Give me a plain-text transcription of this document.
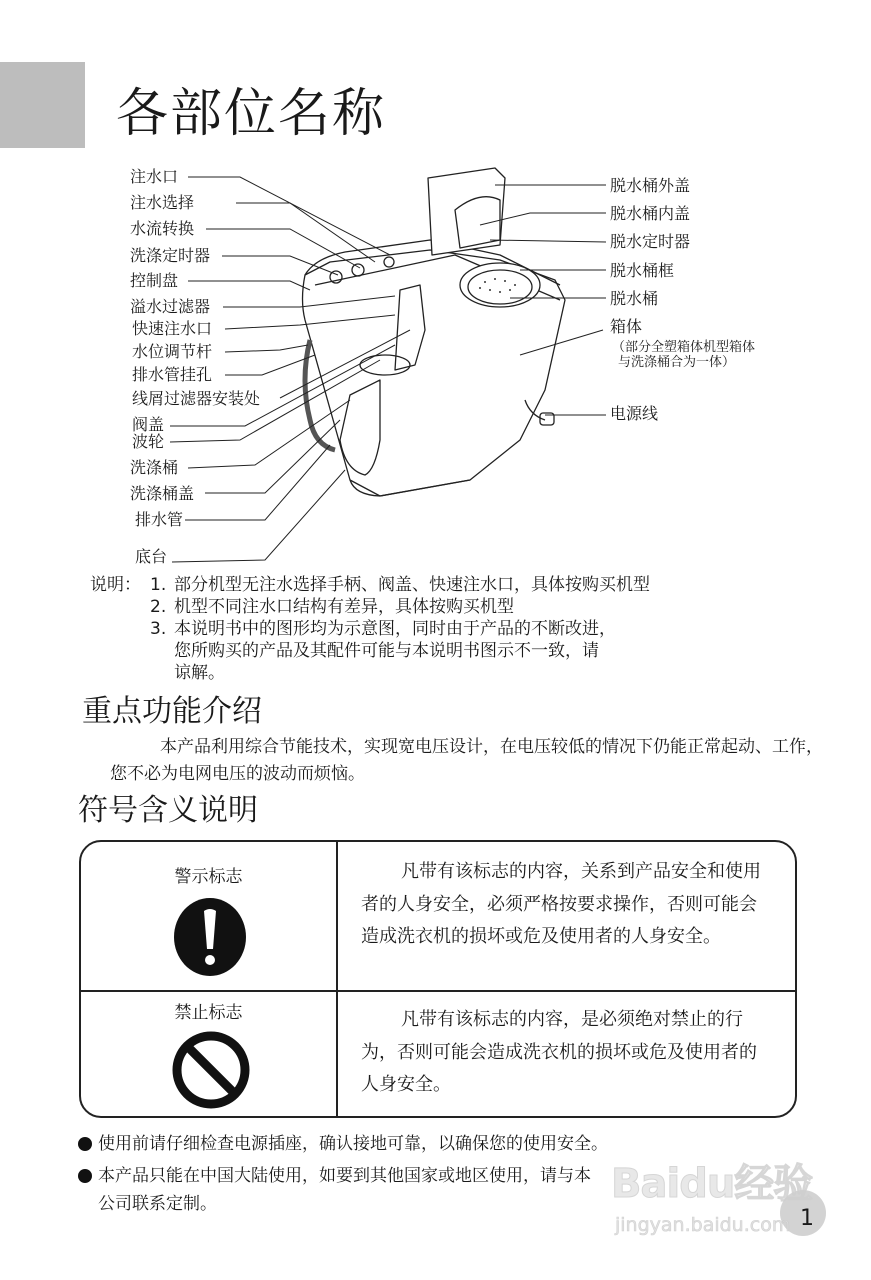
各部位名称
注水口
注水选择
水流转换
洗涤定时器
控制盘
溢水过滤器
快速注水口
水位调节杆
排水管挂孔
线屑过滤器安装处
阀盖
波轮
洗涤桶
洗涤桶盖
排水管
底台
脱水桶外盖
脱水桶内盖
脱水定时器
脱水桶框
脱水桶
箱体
（部分全塑箱体机型箱体
与洗涤桶合为一体）
电源线
说明： 1. 部分机型无注水选择手柄、阀盖、快速注水口，具体按购买机型
2. 机型不同注水口结构有差异，具体按购买机型
3. 本说明书中的图形均为示意图，同时由于产品的不断改进，
您所购买的产品及其配件可能与本说明书图示不一致，请
谅解。
重点功能介绍

本产品利用综合节能技术，实现宽电压设计，在电压较低的情况下仍能正常起动、工作，您不必为电网电压的波动而烦恼。

符号含义说明
警示标志	凡带有该标志的内容，关系到产品安全和使用者的人身安全，必须严格按要求操作，否则可能会造成洗衣机的损坏或危及使用者的人身安全。
禁止标志	凡带有该标志的内容，是必须绝对禁止的行为，否则可能会造成洗衣机的损坏或危及使用者的人身安全。
使用前请仔细检查电源插座，确认接地可靠，以确保您的使用安全。
本产品只能在中国大陆使用，如要到其他国家或地区使用，请与本
公司联系定制。
1
Baidu经验
jingyan.baidu.com
